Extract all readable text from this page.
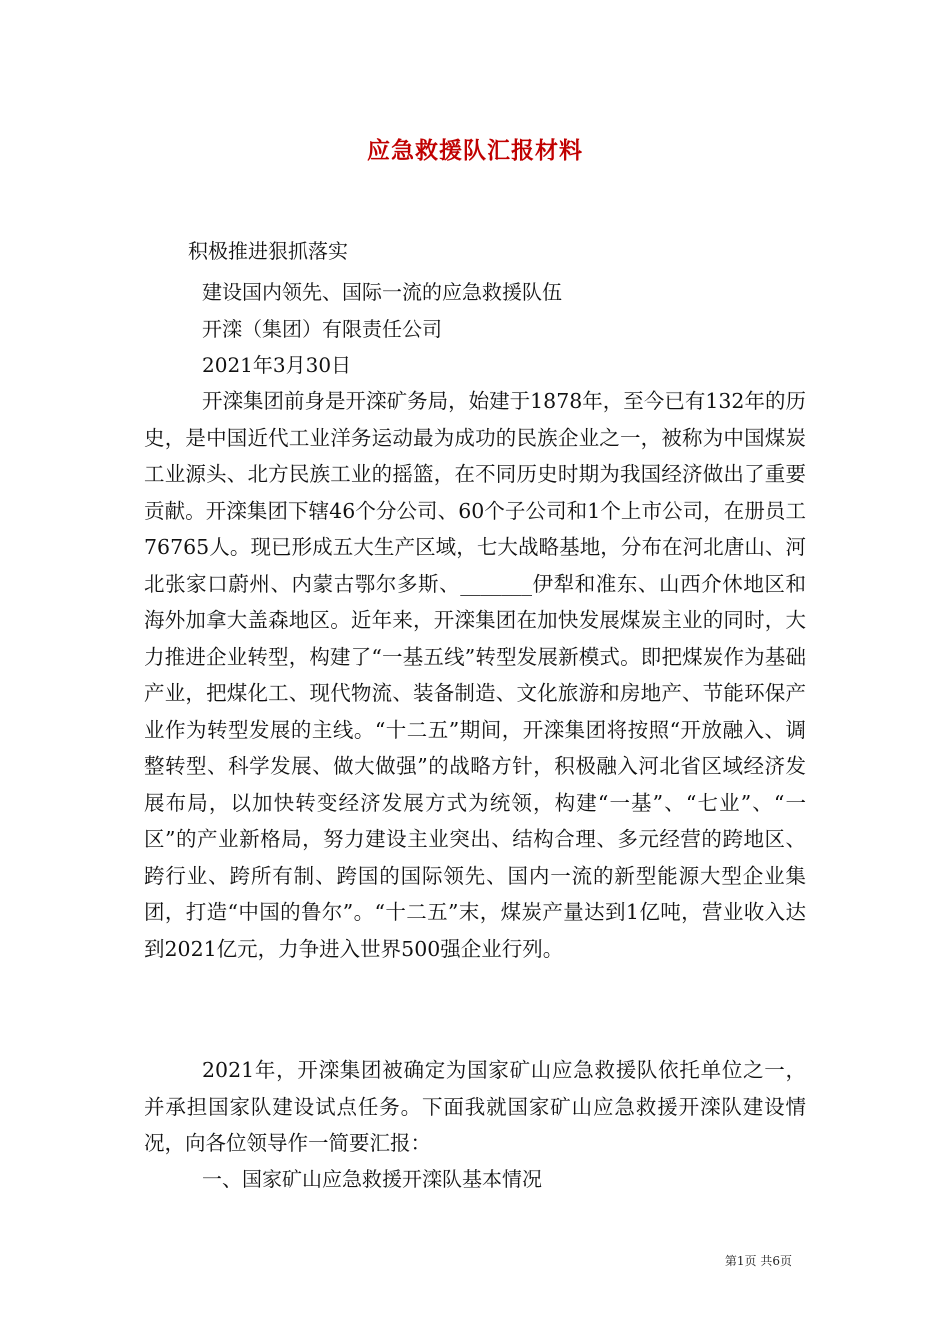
应急救援队汇报材料
积极推进狠抓落实
建设国内领先、国际一流的应急救援队伍
开滦（集团）有限责任公司
2021年3月30日

开滦集团前身是开滦矿务局，始建于1878年，至今已有132年的历史，是中国近代工业洋务运动最为成功的民族企业之一，被称为中国煤炭工业源头、北方民族工业的摇篮，在不同历史时期为我国经济做出了重要贡献。开滦集团下辖46个分公司、60个子公司和1个上市公司，在册员工76765人。现已形成五大生产区域，七大战略基地，分布在河北唐山、河北张家口蔚州、内蒙古鄂尔多斯、_______伊犁和准东、山西介休地区和海外加拿大盖森地区。近年来，开滦集团在加快发展煤炭主业的同时，大力推进企业转型，构建了“一基五线”转型发展新模式。即把煤炭作为基础产业，把煤化工、现代物流、装备制造、文化旅游和房地产、节能环保产业作为转型发展的主线。“十二五”期间，开滦集团将按照“开放融入、调整转型、科学发展、做大做强”的战略方针，积极融入河北省区域经济发展布局，以加快转变经济发展方式为统领，构建“一基”、“七业”、“一区”的产业新格局，努力建设主业突出、结构合理、多元经营的跨地区、跨行业、跨所有制、跨国的国际领先、国内一流的新型能源大型企业集团，打造“中国的鲁尔”。“十二五”末，煤炭产量达到1亿吨，营业收入达到2021亿元，力争进入世界500强企业行列。

2021年，开滦集团被确定为国家矿山应急救援队依托单位之一，并承担国家队建设试点任务。下面我就国家矿山应急救援开滦队建设情况，向各位领导作一简要汇报：

一、国家矿山应急救援开滦队基本情况
第1页 共6页
